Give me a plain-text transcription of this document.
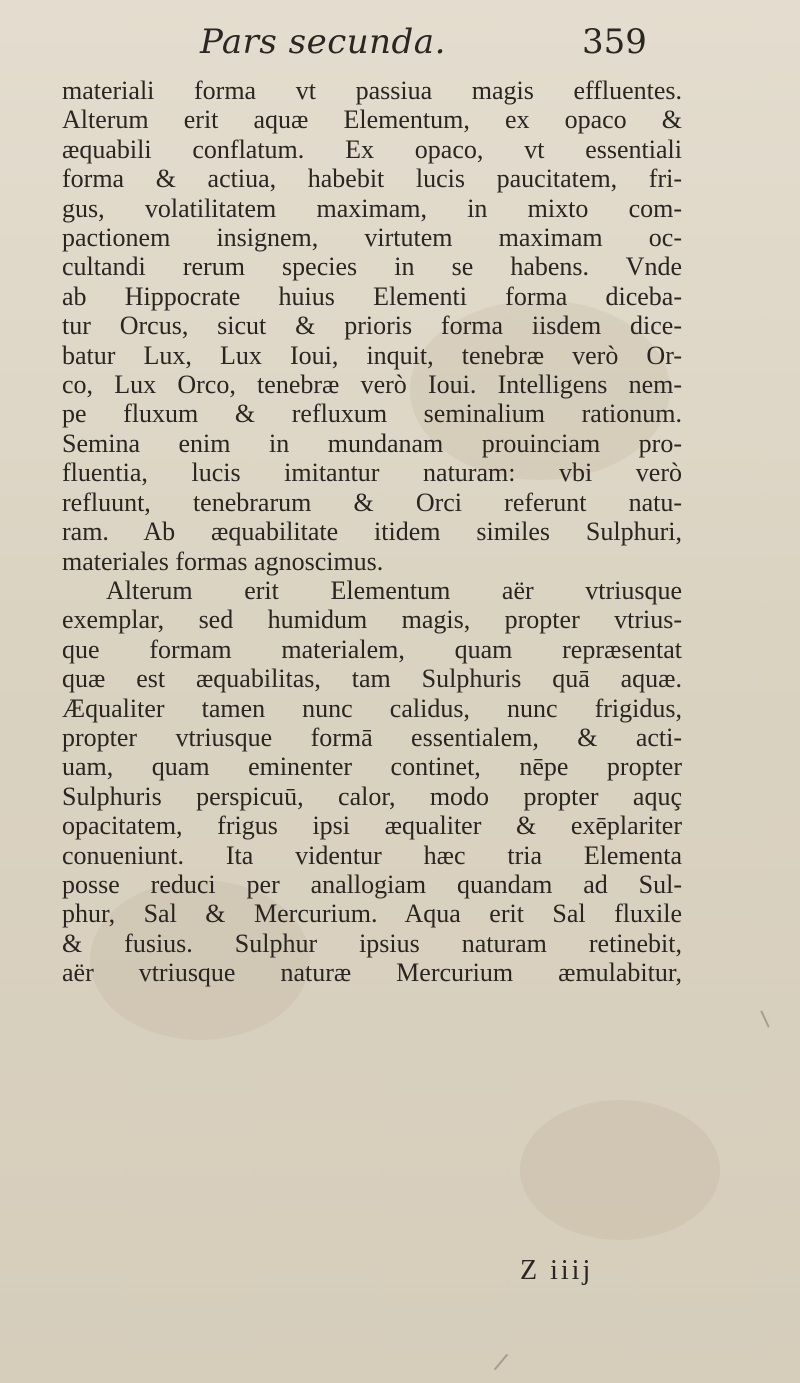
Pars secunda.	359
materiali forma vt passiua magis effluentes.
Alterum erit aquæ Elementum, ex opaco &
æquabili conflatum. Ex opaco, vt essentiali
forma & actiua, habebit lucis paucitatem, fri-
gus, volatilitatem maximam, in mixto com-
pactionem insignem, virtutem maximam oc-
cultandi rerum species in se habens. Vnde
ab Hippocrate huius Elementi forma diceba-
tur Orcus, sicut & prioris forma iisdem dice-
batur Lux, Lux Ioui, inquit, tenebræ verò Or-
co, Lux Orco, tenebræ verò Ioui. Intelligens nem-
pe fluxum & refluxum seminalium rationum.
Semina enim in mundanam prouinciam pro-
fluentia, lucis imitantur naturam: vbi verò
refluunt, tenebrarum & Orci referunt natu-
ram. Ab æquabilitate itidem similes Sulphuri,
materiales formas agnoscimus.
Alterum erit Elementum aër vtriusque
exemplar, sed humidum magis, propter vtrius-
que formam materialem, quam repræsentat
quæ est æquabilitas, tam Sulphuris quā aquæ.
Æqualiter tamen nunc calidus, nunc frigidus,
propter vtriusque formā essentialem, & acti-
uam, quam eminenter continet, nēpe propter
Sulphuris perspicuū, calor, modo propter aquç
opacitatem, frigus ipsi æqualiter & exēplariter
conueniunt. Ita videntur hæc tria Elementa
posse reduci per anallogiam quandam ad Sul-
phur, Sal & Mercurium. Aqua erit Sal fluxile
& fusius. Sulphur ipsius naturam retinebit,
aër vtriusque naturæ Mercurium æmulabitur,
Z iiij
